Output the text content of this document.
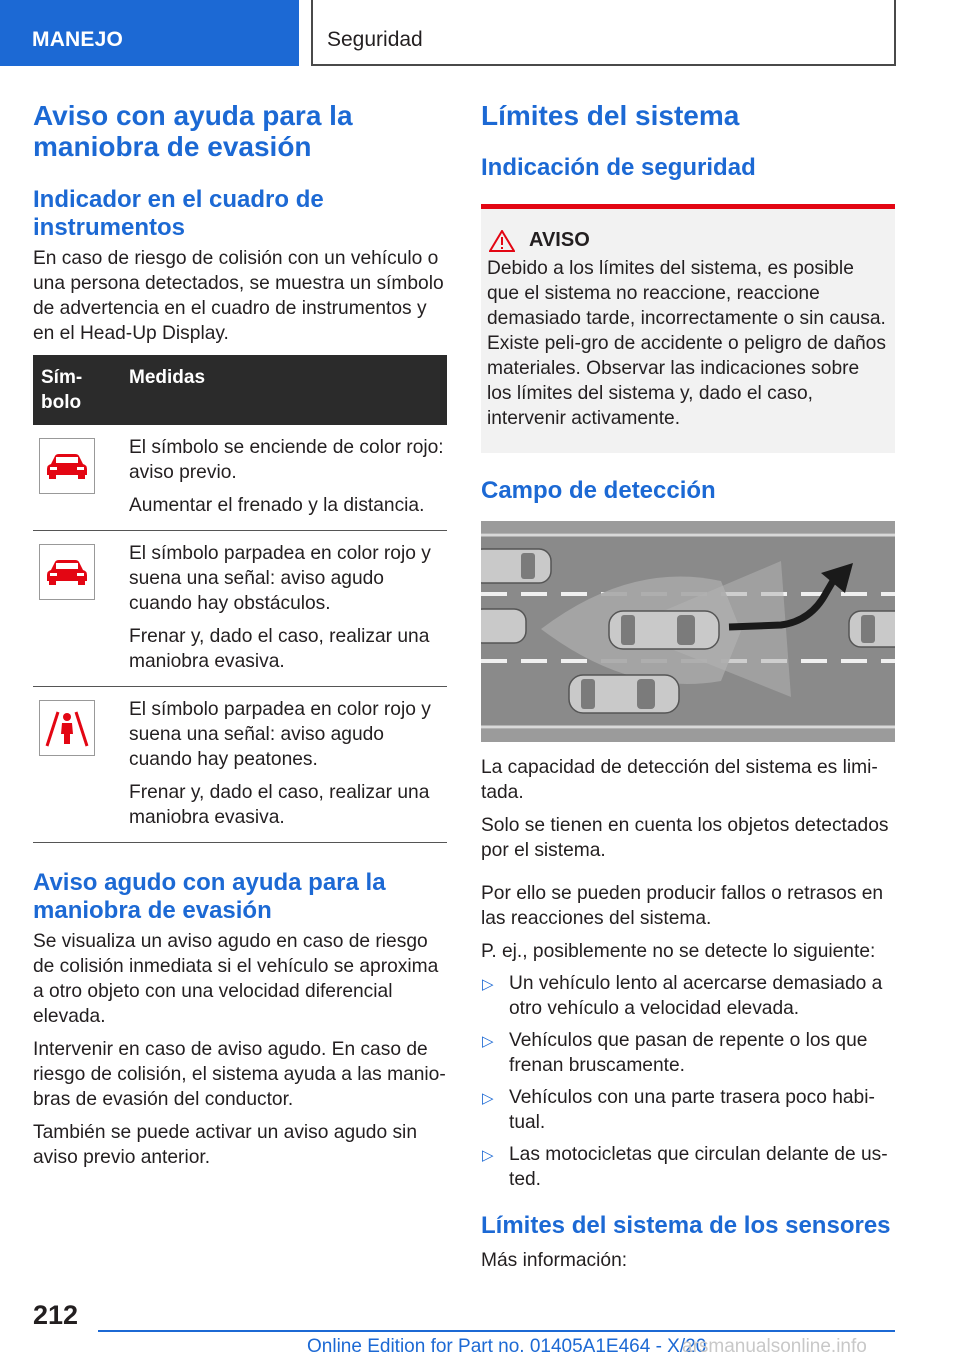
MANEJO	Seguridad
Aviso con ayuda para la maniobra de evasión
Indicador en el cuadro de instrumentos

En caso de riesgo de colisión con un vehículo o una persona detectados, se muestra un símbolo de advertencia en el cuadro de instrumentos y en el Head-Up Display.

Sím-bolo	Medidas

El símbolo se enciende de color rojo: aviso previo.

Aumentar el frenado y la distancia.

El símbolo parpadea en color rojo y suena una señal: aviso agudo cuando hay obstáculos.

Frenar y, dado el caso, realizar una maniobra evasiva.

El símbolo parpadea en color rojo y suena una señal: aviso agudo cuando hay peatones.

Frenar y, dado el caso, realizar una maniobra evasiva.

Aviso agudo con ayuda para la maniobra de evasión

Se visualiza un aviso agudo en caso de riesgo de colisión inmediata si el vehículo se aproxima a otro objeto con una velocidad diferencial elevada.

Intervenir en caso de aviso agudo. En caso de riesgo de colisión, el sistema ayuda a las manio-bras de evasión del conductor.

También se puede activar un aviso agudo sin aviso previo anterior.

Límites del sistema
Indicación de seguridad
AVISO

Debido a los límites del sistema, es posible que el sistema no reaccione, reaccione demasiado tarde, incorrectamente o sin causa. Existe peli-gro de accidente o peligro de daños materiales. Observar las indicaciones sobre los límites del sistema y, dado el caso, intervenir activamente.

Campo de detección

La capacidad de detección del sistema es limi-tada.

Solo se tienen en cuenta los objetos detectados por el sistema.

Por ello se pueden producir fallos o retrasos en las reacciones del sistema.

P. ej., posiblemente no se detecte lo siguiente:

▷ Un vehículo lento al acercarse demasiado a otro vehículo a velocidad elevada.
▷ Vehículos que pasan de repente o los que frenan bruscamente.
▷ Vehículos con una parte trasera poco habi-tual.
▷ Las motocicletas que circulan delante de us-ted.
Límites del sistema de los sensores

Más información:

212
Online Edition for Part no. 01405A1E464 - X/20
arsmanualsonline.info
